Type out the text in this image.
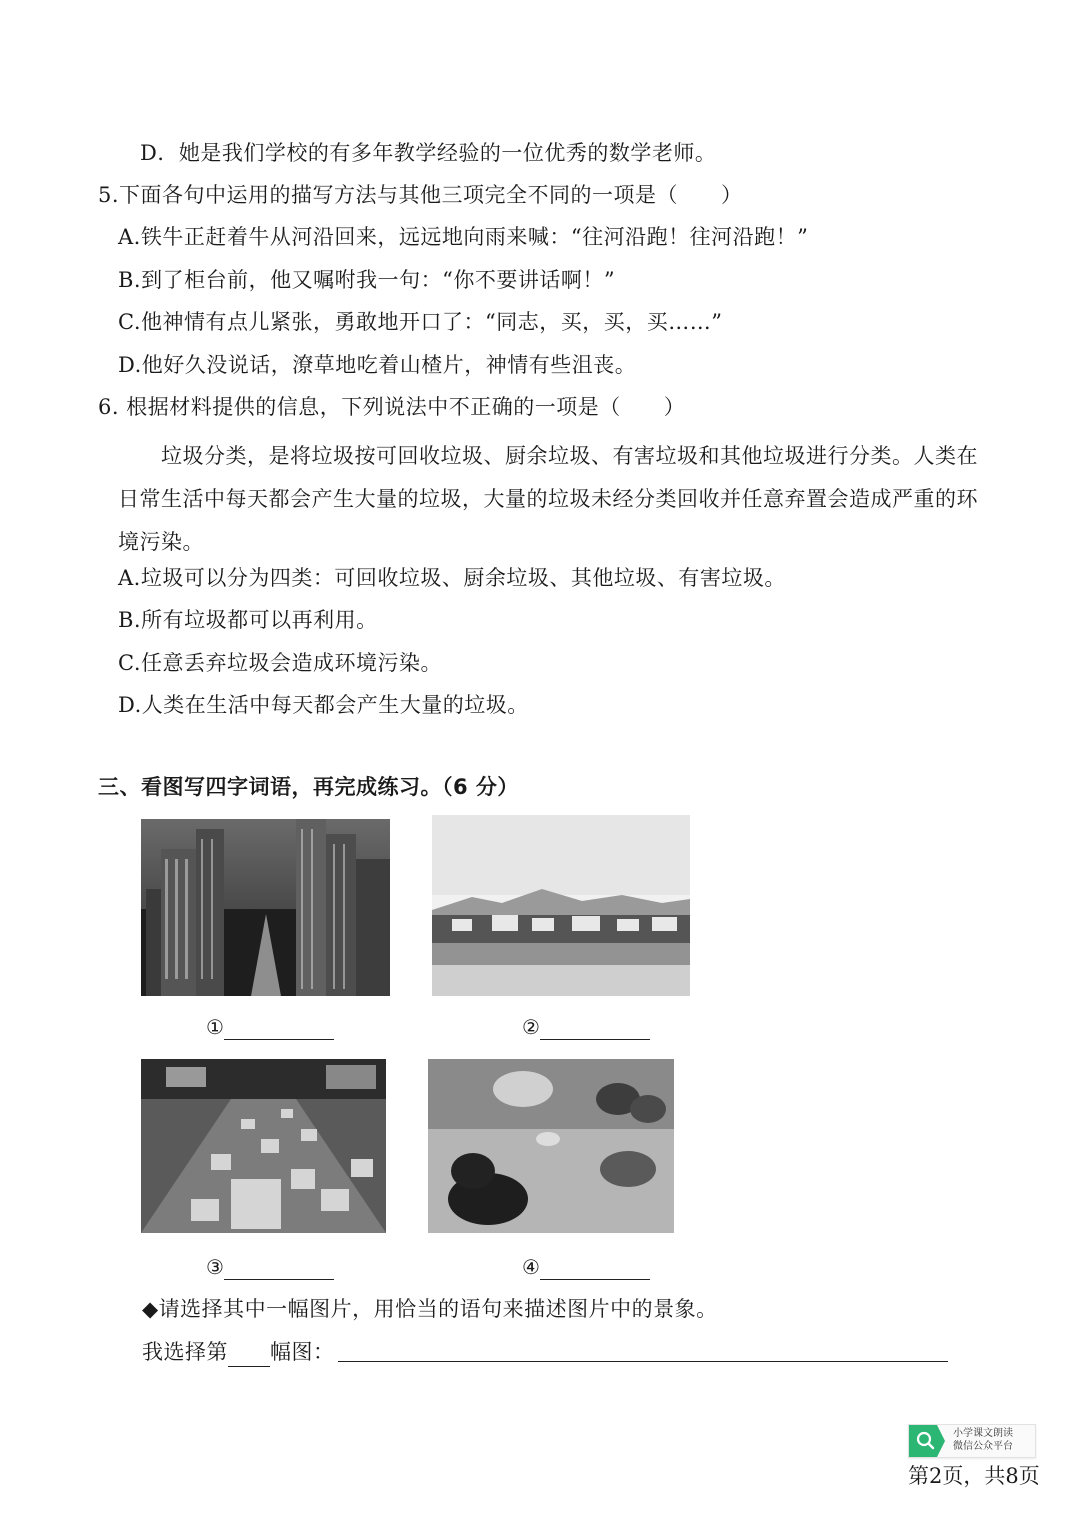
D．她是我们学校的有多年教学经验的一位优秀的数学老师。
5.下面各句中运用的描写方法与其他三项完全不同的一项是（　　）
A.铁牛正赶着牛从河沿回来，远远地向雨来喊：“往河沿跑！往河沿跑！”
B.到了柜台前，他又嘱咐我一句：“你不要讲话啊！”
C.他神情有点儿紧张，勇敢地开口了：“同志，买，买，买……”
D.他好久没说话，潦草地吃着山楂片，神情有些沮丧。
6. 根据材料提供的信息，下列说法中不正确的一项是（　　）
　　垃圾分类，是将垃圾按可回收垃圾、厨余垃圾、有害垃圾和其他垃圾进行分类。人类在日常生活中每天都会产生大量的垃圾，大量的垃圾未经分类回收并任意弃置会造成严重的环境污染。
A.垃圾可以分为四类：可回收垃圾、厨余垃圾、其他垃圾、有害垃圾。
B.所有垃圾都可以再利用。
C.任意丢弃垃圾会造成环境污染。
D.人类在生活中每天都会产生大量的垃圾。
三、看图写四字词语，再完成练习。（6 分）
①	②
③	④
◆请选择其中一幅图片，用恰当的语句来描述图片中的景象。
我选择第 幅图：
小学课文朗读
微信公众平台
第2页，共8页
